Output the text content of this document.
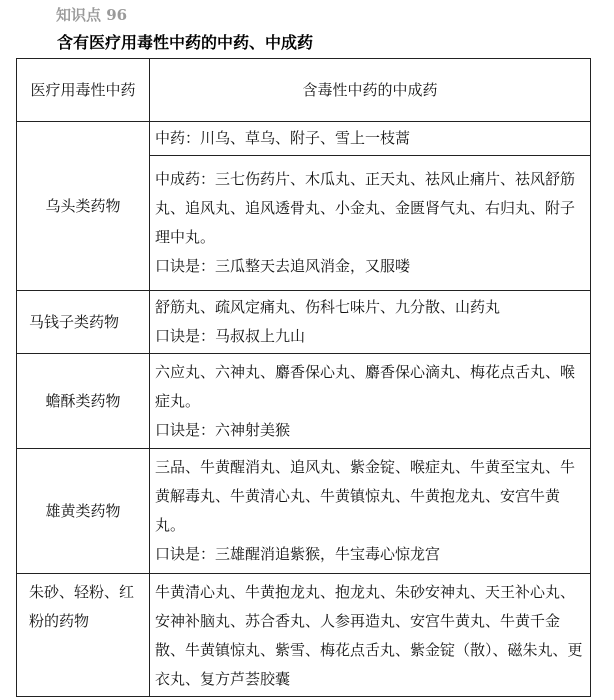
知识点 96
含有医疗用毒性中药的中药、中成药
医疗用毒性中药	含毒性中药的中成药
乌头类药物	中药：川乌、草乌、附子、雪上一枝蒿

	中成药：三七伤药片、木瓜丸、正天丸、祛风止痛片、祛风舒筋丸、追风丸、追风透骨丸、小金丸、金匮肾气丸、右归丸、附子理中丸。
口诀是：三瓜整天去追风消金，又服喽

马钱子类药物	舒筋丸、疏风定痛丸、伤科七味片、九分散、山药丸
口诀是：马叔叔上九山

蟾酥类药物	六应丸、六神丸、麝香保心丸、麝香保心滴丸、梅花点舌丸、喉症丸。
口诀是：六神射美猴

雄黄类药物	三品、牛黄醒消丸、追风丸、紫金锭、喉症丸、牛黄至宝丸、牛黄解毒丸、牛黄清心丸、牛黄镇惊丸、牛黄抱龙丸、安宫牛黄丸。
口诀是：三雄醒消追紫猴，牛宝毒心惊龙宫

朱砂、轻粉、红粉的药物	牛黄清心丸、牛黄抱龙丸、抱龙丸、朱砂安神丸、天王补心丸、安神补脑丸、苏合香丸、人参再造丸、安宫牛黄丸、牛黄千金散、牛黄镇惊丸、紫雪、梅花点舌丸、紫金锭（散）、磁朱丸、更衣丸、复方芦荟胶囊
